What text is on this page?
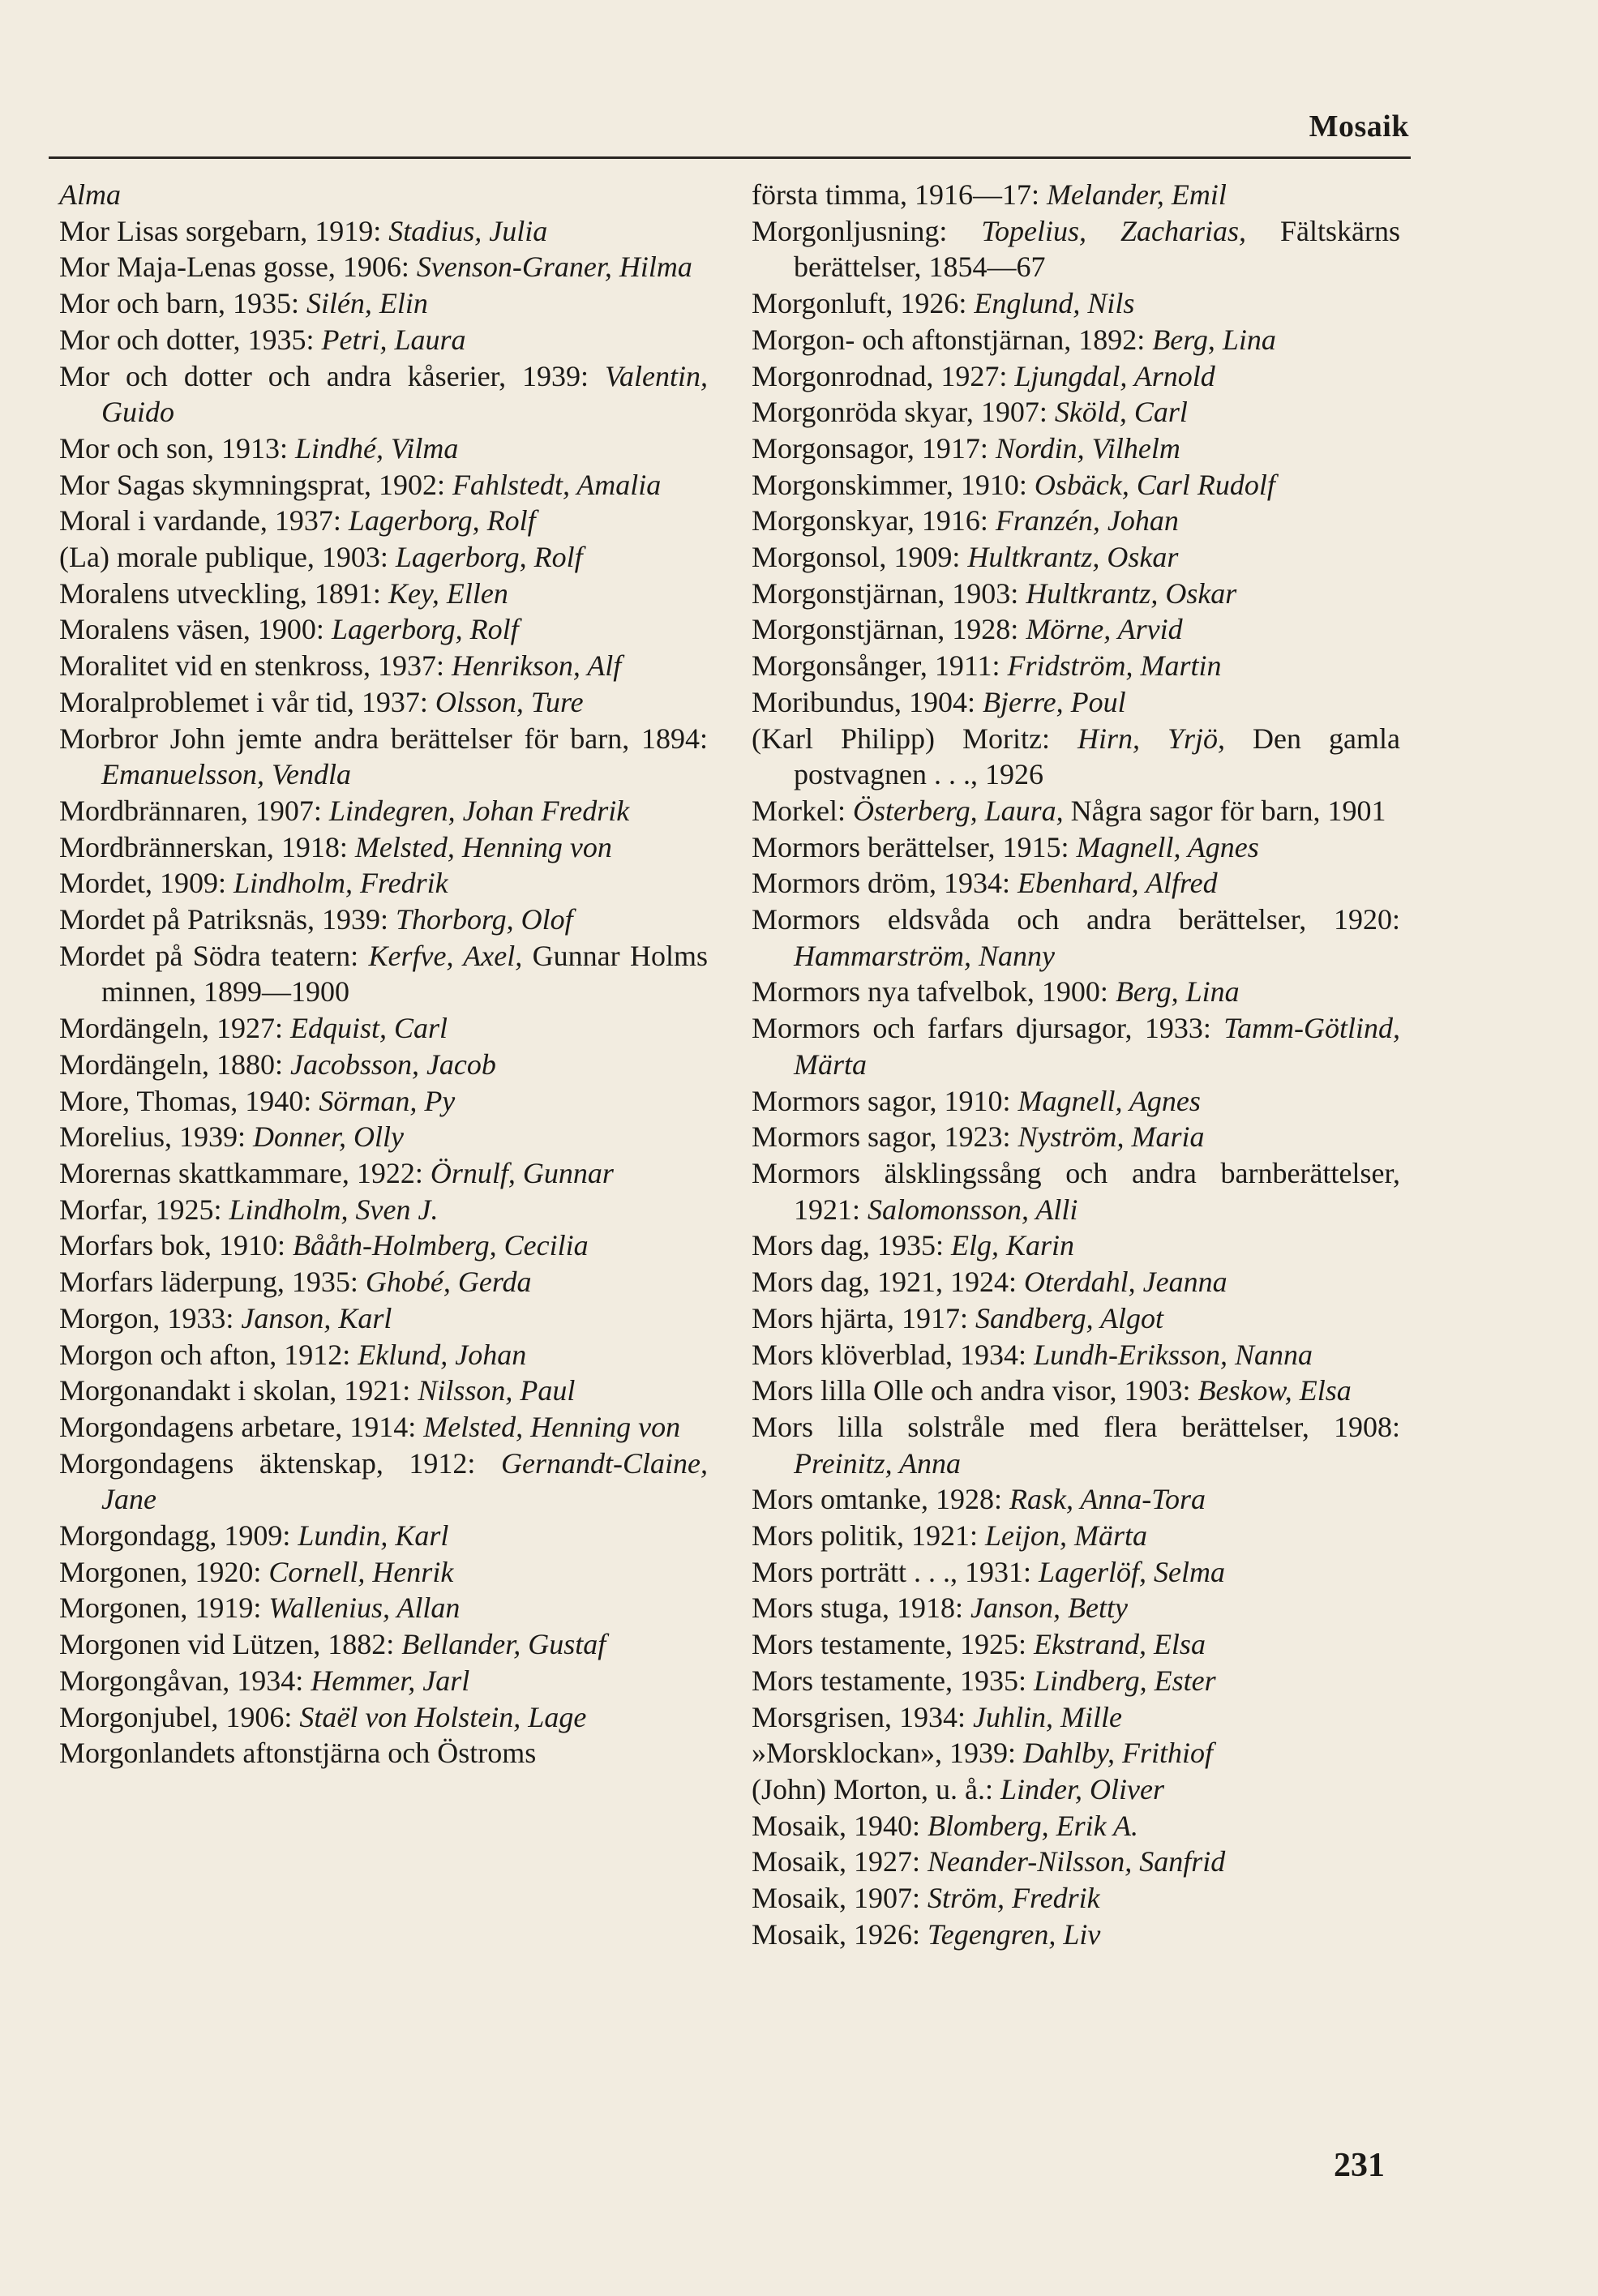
Mosaik
Alma
Mor Lisas sorgebarn, 1919: Stadius, Julia
Mor Maja-Lenas gosse, 1906: Svenson-Graner, Hilma
Mor och barn, 1935: Silén, Elin
Mor och dotter, 1935: Petri, Laura
Mor och dotter och andra kåserier, 1939: Valentin, Guido
Mor och son, 1913: Lindhé, Vilma
Mor Sagas skymningsprat, 1902: Fahlstedt, Amalia
Moral i vardande, 1937: Lagerborg, Rolf
(La) morale publique, 1903: Lagerborg, Rolf
Moralens utveckling, 1891: Key, Ellen
Moralens väsen, 1900: Lagerborg, Rolf
Moralitet vid en stenkross, 1937: Henrikson, Alf
Moralproblemet i vår tid, 1937: Olsson, Ture
Morbror John jemte andra berättelser för barn, 1894: Emanuelsson, Vendla
Mordbrännaren, 1907: Lindegren, Johan Fredrik
Mordbrännerskan, 1918: Melsted, Henning von
Mordet, 1909: Lindholm, Fredrik
Mordet på Patriksnäs, 1939: Thorborg, Olof
Mordet på Södra teatern: Kerfve, Axel, Gunnar Holms minnen, 1899—1900
Mordängeln, 1927: Edquist, Carl
Mordängeln, 1880: Jacobsson, Jacob
More, Thomas, 1940: Sörman, Py
Morelius, 1939: Donner, Olly
Morernas skattkammare, 1922: Örnulf, Gunnar
Morfar, 1925: Lindholm, Sven J.
Morfars bok, 1910: Bååth-Holmberg, Cecilia
Morfars läderpung, 1935: Ghobé, Gerda
Morgon, 1933: Janson, Karl
Morgon och afton, 1912: Eklund, Johan
Morgonandakt i skolan, 1921: Nilsson, Paul
Morgondagens arbetare, 1914: Melsted, Henning von
Morgondagens äktenskap, 1912: Gernandt-Claine, Jane
Morgondagg, 1909: Lundin, Karl
Morgonen, 1920: Cornell, Henrik
Morgonen, 1919: Wallenius, Allan
Morgonen vid Lützen, 1882: Bellander, Gustaf
Morgongåvan, 1934: Hemmer, Jarl
Morgonjubel, 1906: Staël von Holstein, Lage
Morgonlandets aftonstjärna och Östroms
första timma, 1916—17: Melander, Emil
Morgonljusning: Topelius, Zacharias, Fältskärns berättelser, 1854—67
Morgonluft, 1926: Englund, Nils
Morgon- och aftonstjärnan, 1892: Berg, Lina
Morgonrodnad, 1927: Ljungdal, Arnold
Morgonröda skyar, 1907: Sköld, Carl
Morgonsagor, 1917: Nordin, Vilhelm
Morgonskimmer, 1910: Osbäck, Carl Rudolf
Morgonskyar, 1916: Franzén, Johan
Morgonsol, 1909: Hultkrantz, Oskar
Morgonstjärnan, 1903: Hultkrantz, Oskar
Morgonstjärnan, 1928: Mörne, Arvid
Morgonsånger, 1911: Fridström, Martin
Moribundus, 1904: Bjerre, Poul
(Karl Philipp) Moritz: Hirn, Yrjö, Den gamla postvagnen . . ., 1926
Morkel: Österberg, Laura, Några sagor för barn, 1901
Mormors berättelser, 1915: Magnell, Agnes
Mormors dröm, 1934: Ebenhard, Alfred
Mormors eldsvåda och andra berättelser, 1920: Hammarström, Nanny
Mormors nya tafvelbok, 1900: Berg, Lina
Mormors och farfars djursagor, 1933: Tamm-Götlind, Märta
Mormors sagor, 1910: Magnell, Agnes
Mormors sagor, 1923: Nyström, Maria
Mormors älsklingssång och andra barnberättelser, 1921: Salomonsson, Alli
Mors dag, 1935: Elg, Karin
Mors dag, 1921, 1924: Oterdahl, Jeanna
Mors hjärta, 1917: Sandberg, Algot
Mors klöverblad, 1934: Lundh-Eriksson, Nanna
Mors lilla Olle och andra visor, 1903: Beskow, Elsa
Mors lilla solstråle med flera berättelser, 1908: Preinitz, Anna
Mors omtanke, 1928: Rask, Anna-Tora
Mors politik, 1921: Leijon, Märta
Mors porträtt . . ., 1931: Lagerlöf, Selma
Mors stuga, 1918: Janson, Betty
Mors testamente, 1925: Ekstrand, Elsa
Mors testamente, 1935: Lindberg, Ester
Morsgrisen, 1934: Juhlin, Mille
»Morsklockan», 1939: Dahlby, Frithiof
(John) Morton, u. å.: Linder, Oliver
Mosaik, 1940: Blomberg, Erik A.
Mosaik, 1927: Neander-Nilsson, Sanfrid
Mosaik, 1907: Ström, Fredrik
Mosaik, 1926: Tegengren, Liv
231
